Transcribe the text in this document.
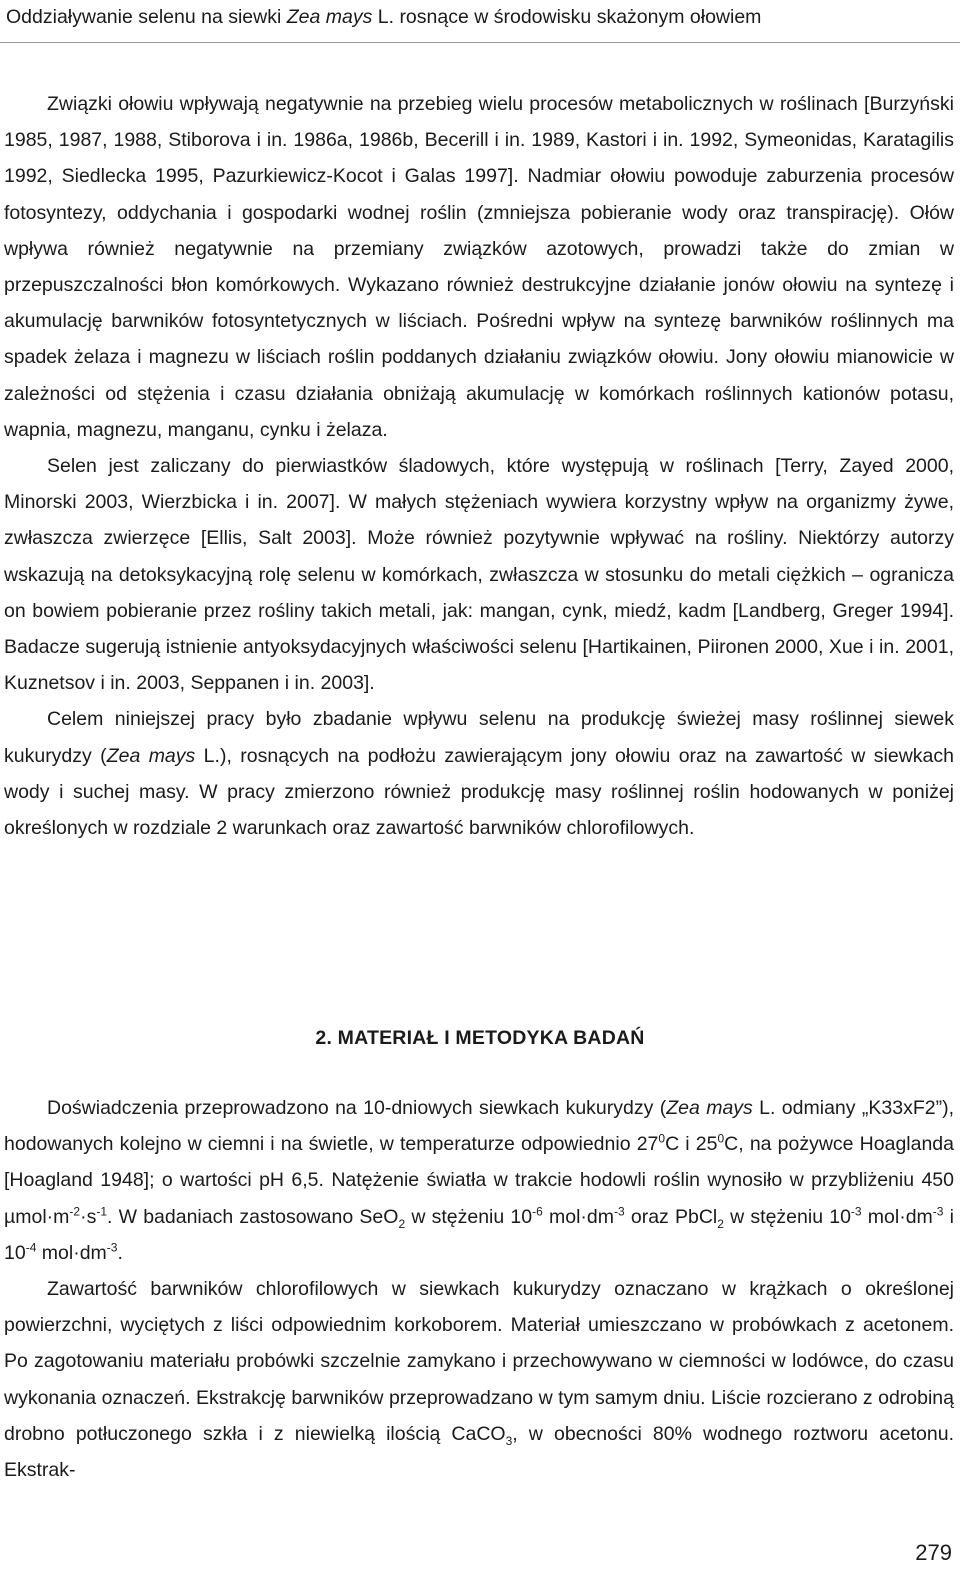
Oddziaływanie selenu na siewki Zea mays L. rosnące w środowisku skażonym ołowiem

Związki ołowiu wpływają negatywnie na przebieg wielu procesów metabolicznych w roślinach [Burzyński 1985, 1987, 1988, Stiborova i in. 1986a, 1986b, Becerill i in. 1989, Kastori i in. 1992, Symeonidas, Karatagilis 1992, Siedlecka 1995, Pazurkiewicz-Kocot i Galas 1997]. Nadmiar ołowiu powoduje zaburzenia procesów fotosyntezy, oddychania i gospodarki wodnej roślin (zmniejsza pobieranie wody oraz transpirację). Ołów wpływa również negatywnie na przemiany związków azotowych, prowadzi także do zmian w przepuszczalności błon komórkowych. Wykazano również destrukcyjne działanie jonów ołowiu na syntezę i akumulację barwników fotosyntetycznych w liściach. Pośredni wpływ na syntezę barwników roślinnych ma spadek żelaza i magnezu w liściach roślin poddanych działaniu związków ołowiu. Jony ołowiu mianowicie w zależności od stężenia i czasu działania obniżają akumulację w komórkach roślinnych kationów potasu, wapnia, magnezu, manganu, cynku i żelaza.

Selen jest zaliczany do pierwiastków śladowych, które występują w roślinach [Terry, Zayed 2000, Minorski 2003, Wierzbicka i in. 2007]. W małych stężeniach wywiera korzystny wpływ na organizmy żywe, zwłaszcza zwierzęce [Ellis, Salt 2003]. Może również pozytywnie wpływać na rośliny. Niektórzy autorzy wskazują na detoksykacyjną rolę selenu w komórkach, zwłaszcza w stosunku do metali ciężkich – ogranicza on bowiem pobieranie przez rośliny takich metali, jak: mangan, cynk, miedź, kadm [Landberg, Greger 1994]. Badacze sugerują istnienie antyoksydacyjnych właściwości selenu [Hartikainen, Piironen 2000, Xue i in. 2001, Kuznetsov i in. 2003, Seppanen i in. 2003].

Celem niniejszej pracy było zbadanie wpływu selenu na produkcję świeżej masy roślinnej siewek kukurydzy (Zea mays L.), rosnących na podłożu zawierającym jony ołowiu oraz na zawartość w siewkach wody i suchej masy. W pracy zmierzono również produkcję masy roślinnej roślin hodowanych w poniżej określonych w rozdziale 2 warunkach oraz zawartość barwników chlorofilowych.

2. MATERIAŁ I METODYKA BADAŃ

Doświadczenia przeprowadzono na 10-dniowych siewkach kukurydzy (Zea mays L. odmiany „K33xF2”), hodowanych kolejno w ciemni i na świetle, w temperaturze odpowiednio $27^0C$ i $25^0C$, na pożywce Hoaglanda [Hoagland 1948]; o wartości pH 6,5. Natężenie światła w trakcie hodowli roślin wynosiło w przybliżeniu 450 $\mu mol\cdot m^{-2}\cdot s^{-1}$. W badaniach zastosowano SeO$_2$ w stężeniu $10^{-6}$ $mol\cdot dm^{-3}$ oraz PbCl$_2$ w stężeniu $10^{-3}$ $mol\cdot dm^{-3}$ i $10^{-4}$ $mol\cdot dm^{-3}$.

Zawartość barwników chlorofilowych w siewkach kukurydzy oznaczano w krążkach o określonej powierzchni, wyciętych z liści odpowiednim korkoborem. Materiał umieszczano w probówkach z acetonem. Po zagotowaniu materiału probówki szczelnie zamykano i przechowywano w ciemności w lodówce, do czasu wykonania oznaczeń. Ekstrakcję barwników przeprowadzano w tym samym dniu. Liście rozcierano z odrobiną drobno potłuczonego szkła i z niewielką ilością CaCO$_3$, w obecności 80% wodnego roztworu acetonu. Ekstrak-

279
